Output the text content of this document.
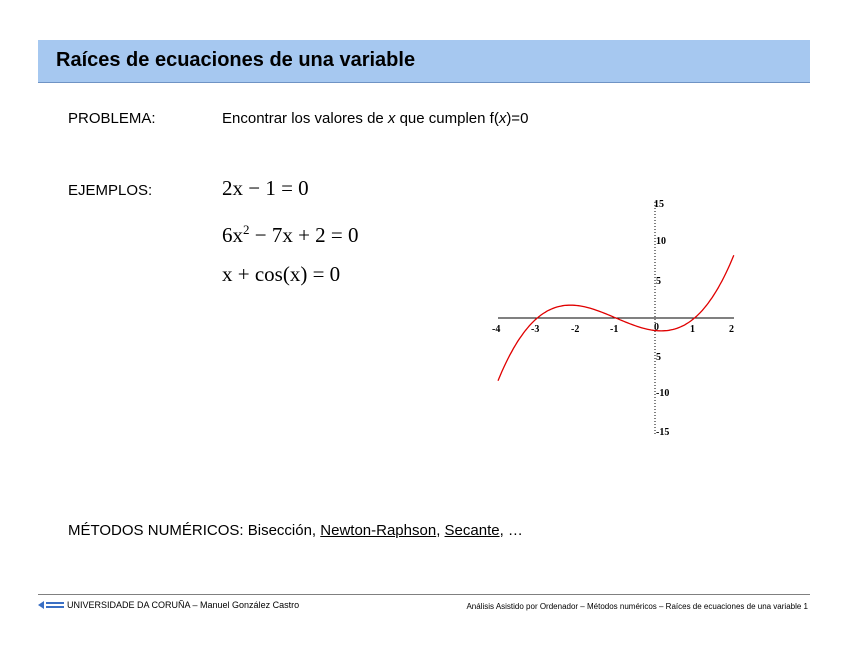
Raíces de ecuaciones de una variable
PROBLEMA:	Encontrar los valores de x que cumplen f(x)=0
EJEMPLOS:	2x − 1 = 0
$6x^2 - 7x + 2 = 0$
x + cos(x) = 0
-4	-3	-2	-1	0	1	2
15
10
5
5
-10
-15
MÉTODOS NUMÉRICOS: Bisección, Newton-Raphson, Secante, …
UNIVERSIDADE DA CORUÑA – Manuel González Castro	Análisis Asistido por Ordenador – Métodos numéricos – Raíces de ecuaciones de una variable 1
